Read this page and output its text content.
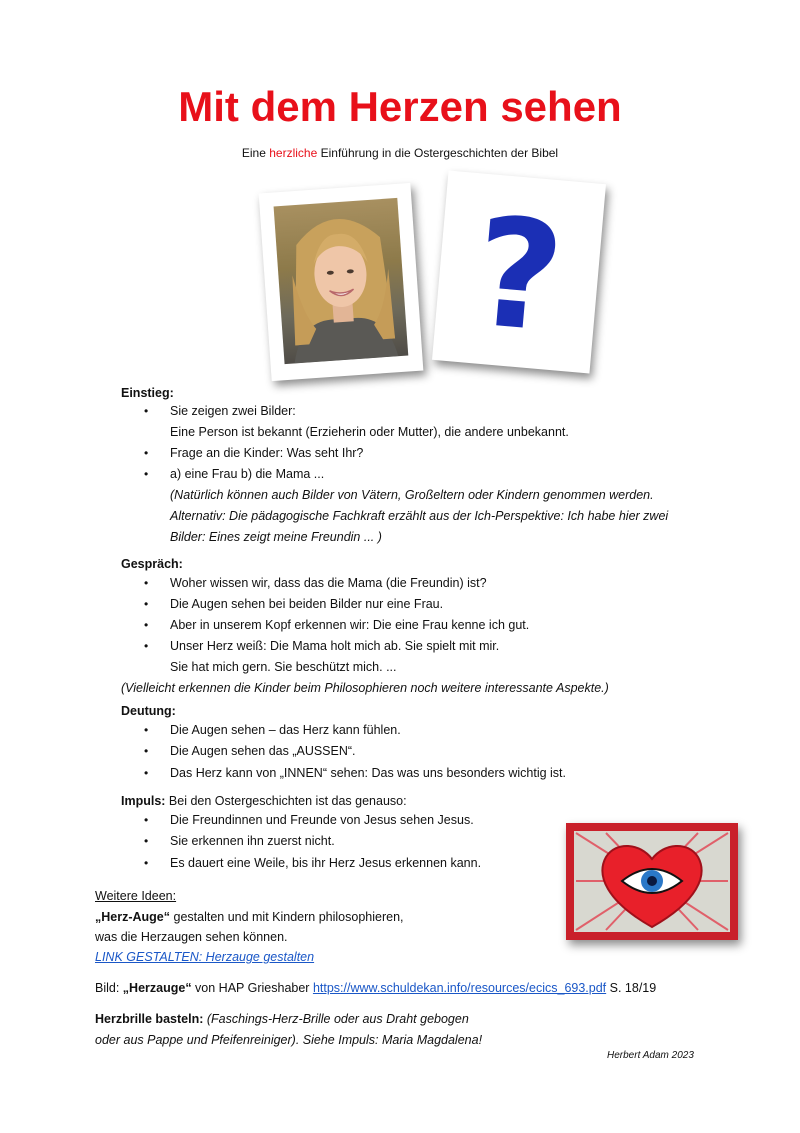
Mit dem Herzen sehen
Eine herzliche Einführung in die Ostergeschichten der Bibel
?
Einstieg:
• Sie zeigen zwei Bilder:
Eine Person ist bekannt (Erzieherin oder Mutter), die andere unbekannt.
• Frage an die Kinder: Was seht Ihr?
• a) eine Frau b) die Mama ...
(Natürlich können auch Bilder von Vätern, Großeltern oder Kindern genommen werden.
Alternativ: Die pädagogische Fachkraft erzählt aus der Ich-Perspektive: Ich habe hier zwei
Bilder: Eines zeigt meine Freundin ... )
Gespräch:
• Woher wissen wir, dass das die Mama (die Freundin) ist?
• Die Augen sehen bei beiden Bilder nur eine Frau.
• Aber in unserem Kopf erkennen wir: Die eine Frau kenne ich gut.
• Unser Herz weiß: Die Mama holt mich ab. Sie spielt mit mir.
Sie hat mich gern. Sie beschützt mich. ...
(Vielleicht erkennen die Kinder beim Philosophieren noch weitere interessante Aspekte.)
Deutung:
• Die Augen sehen – das Herz kann fühlen.
• Die Augen sehen das „AUSSEN“.
• Das Herz kann von „INNEN“ sehen: Das was uns besonders wichtig ist.
Impuls: Bei den Ostergeschichten ist das genauso:
• Die Freundinnen und Freunde von Jesus sehen Jesus.
• Sie erkennen ihn zuerst nicht.
• Es dauert eine Weile, bis ihr Herz Jesus erkennen kann.
Weitere Ideen:
„Herz-Auge“ gestalten und mit Kindern philosophieren,
was die Herzaugen sehen können.
LINK GESTALTEN: Herzauge gestalten
Bild: „Herzauge“ von HAP Grieshaber https://www.schuldekan.info/resources/ecics_693.pdf S. 18/19
Herzbrille basteln: (Faschings-Herz-Brille oder aus Draht gebogen
oder aus Pappe und Pfeifenreiniger). Siehe Impuls: Maria Magdalena!
Herbert Adam 2023
